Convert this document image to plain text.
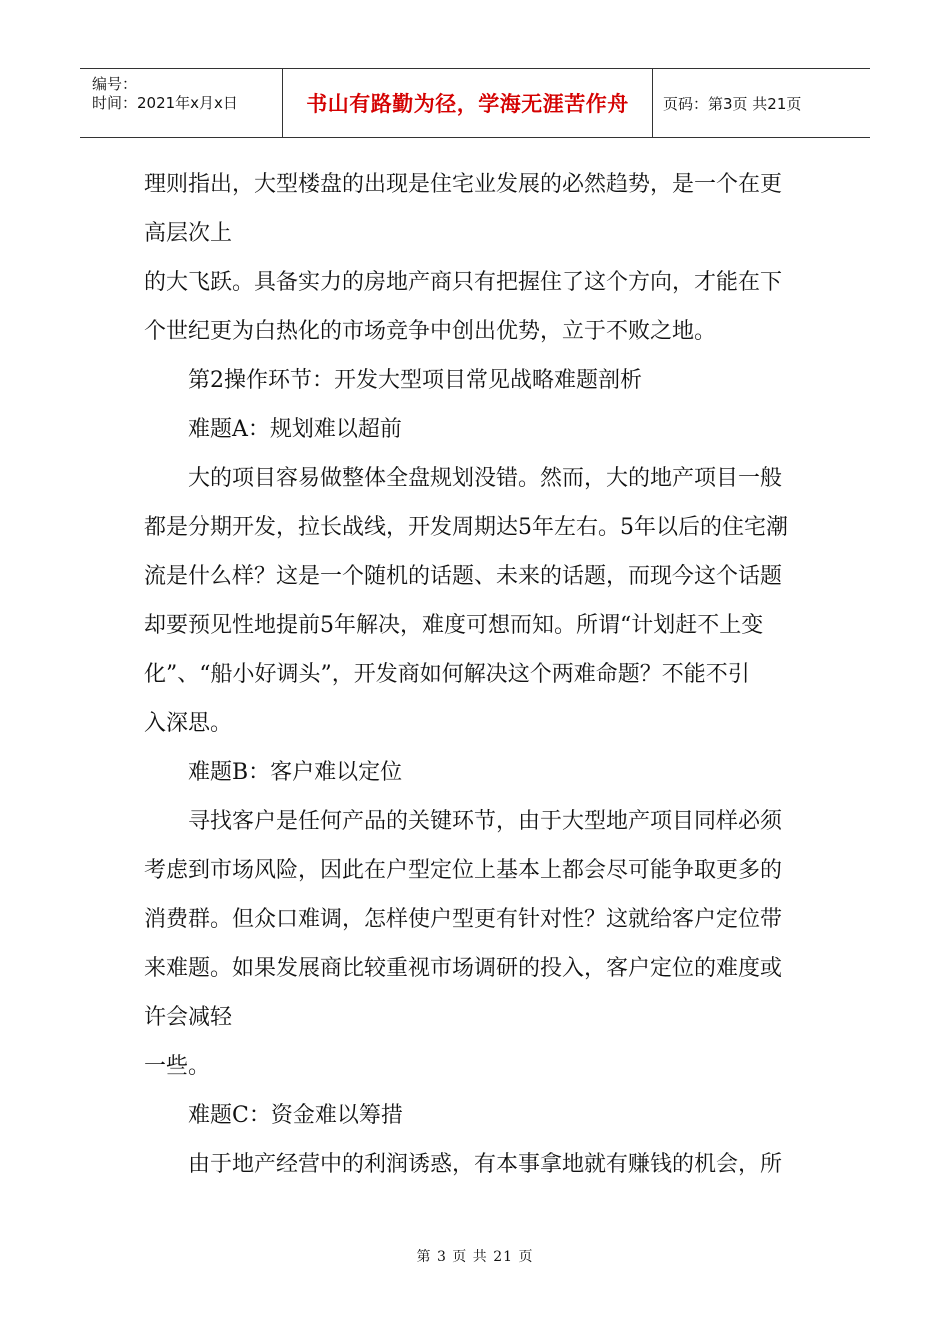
编号：
时间：2021年x月x日	书山有路勤为径，学海无涯苦作舟	页码：第3页 共21页
理则指出，大型楼盘的出现是住宅业发展的必然趋势，是一个在更
高层次上
的大飞跃。具备实力的房地产商只有把握住了这个方向，才能在下
个世纪更为白热化的市场竞争中创出优势，立于不败之地。
第2操作环节：开发大型项目常见战略难题剖析
难题A：规划难以超前
大的项目容易做整体全盘规划没错。然而，大的地产项目一般
都是分期开发，拉长战线，开发周期达5年左右。5年以后的住宅潮
流是什么样？这是一个随机的话题、未来的话题，而现今这个话题
却要预见性地提前5年解决，难度可想而知。所谓“计划赶不上变
化”、“船小好调头”，开发商如何解决这个两难命题？不能不引
入深思。
难题B：客户难以定位
寻找客户是任何产品的关键环节，由于大型地产项目同样必须
考虑到市场风险，因此在户型定位上基本上都会尽可能争取更多的
消费群。但众口难调，怎样使户型更有针对性？这就给客户定位带
来难题。如果发展商比较重视市场调研的投入，客户定位的难度或
许会减轻
一些。
难题C：资金难以筹措
由于地产经营中的利润诱惑，有本事拿地就有赚钱的机会，所
第 3 页 共 21 页
